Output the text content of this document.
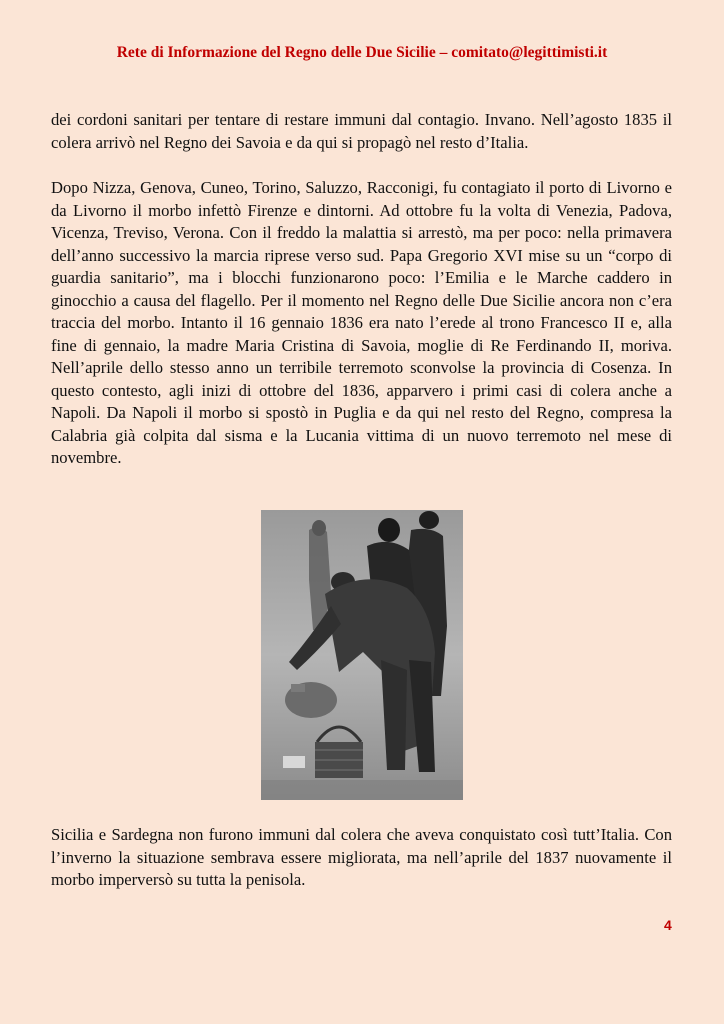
Rete di Informazione del Regno delle Due Sicilie – comitato@legittimisti.it

dei cordoni sanitari per tentare di restare immuni dal contagio. Invano. Nell’agosto 1835 il colera arrivò nel Regno dei Savoia e da qui si propagò nel resto d’Italia.

Dopo Nizza, Genova, Cuneo, Torino, Saluzzo, Racconigi, fu contagiato il porto di Livorno e da Livorno il morbo infettò Firenze e dintorni. Ad ottobre fu la volta di Venezia, Padova, Vicenza, Treviso, Verona. Con il freddo la malattia si arrestò, ma per poco: nella primavera dell’anno successivo la marcia riprese verso sud. Papa Gregorio XVI mise su un “corpo di guardia sanitario”, ma i blocchi funzionarono poco: l’Emilia e le Marche caddero in ginocchio a causa del flagello. Per il momento nel Regno delle Due Sicilie ancora non c’era traccia del morbo. Intanto il 16 gennaio 1836 era nato l’erede al trono Francesco II e, alla fine di gennaio, la madre Maria Cristina di Savoia, moglie di Re Ferdinando II, moriva. Nell’aprile dello stesso anno un terribile terremoto sconvolse la provincia di Cosenza. In questo contesto, agli inizi di ottobre del 1836, apparvero i primi casi di colera anche a Napoli. Da Napoli il morbo si spostò in Puglia e da qui nel resto del Regno, compresa la Calabria già colpita dal sisma e la Lucania vittima di un nuovo terremoto nel mese di novembre.

Sicilia e Sardegna non furono immuni dal colera che aveva conquistato così tutt’Italia. Con l’inverno la situazione sembrava essere migliorata, ma nell’aprile del 1837 nuovamente il morbo imperversò su tutta la penisola.

4
